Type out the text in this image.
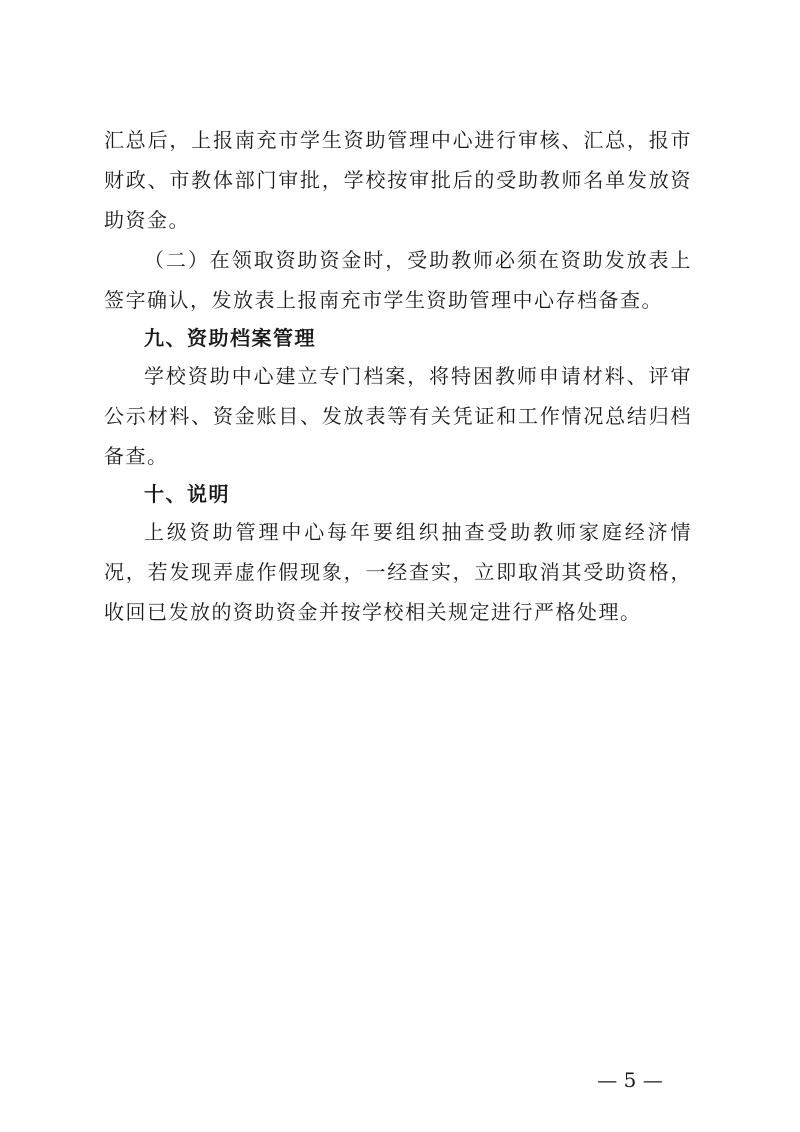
汇总后，上报南充市学生资助管理中心进行审核、汇总，报市财政、市教体部门审批，学校按审批后的受助教师名单发放资助资金。

（二）在领取资助资金时，受助教师必须在资助发放表上签字确认，发放表上报南充市学生资助管理中心存档备查。

九、资助档案管理

学校资助中心建立专门档案，将特困教师申请材料、评审公示材料、资金账目、发放表等有关凭证和工作情况总结归档备查。

十、说明

上级资助管理中心每年要组织抽查受助教师家庭经济情况，若发现弄虚作假现象，一经查实，立即取消其受助资格，收回已发放的资助资金并按学校相关规定进行严格处理。

— 5 —
